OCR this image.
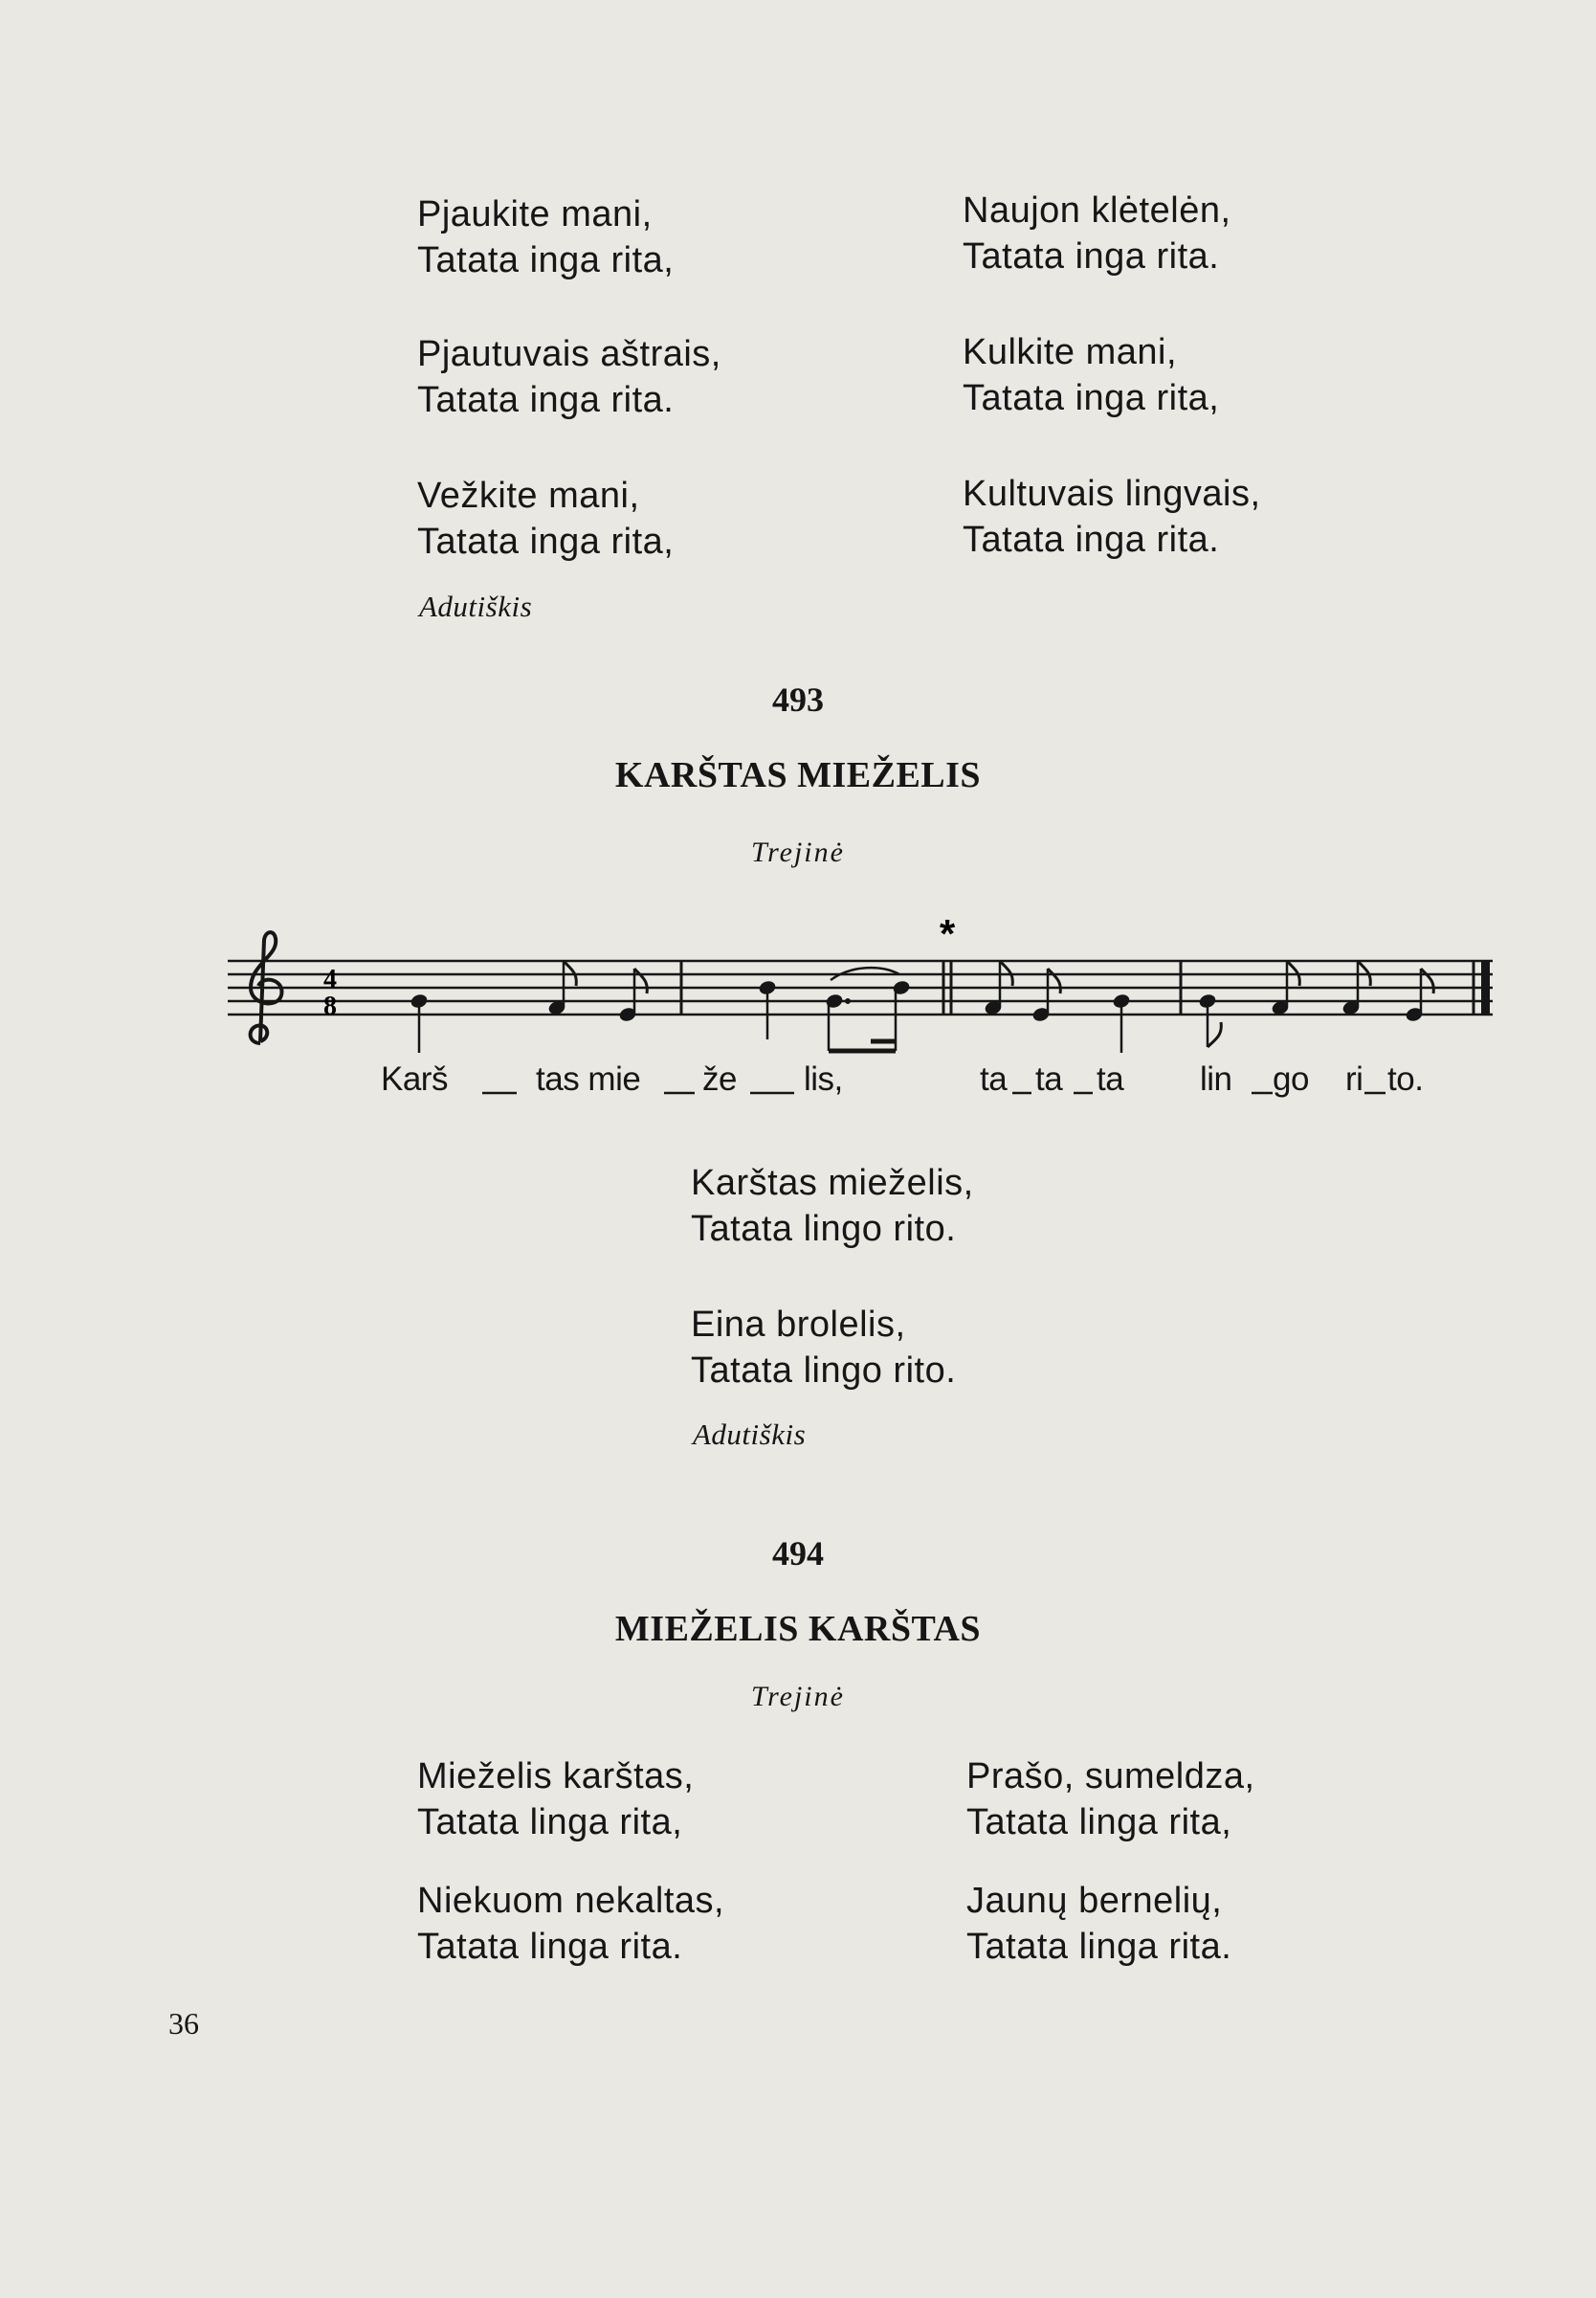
Pjaukite mani,
Tatata inga rita,
Pjautuvais aštrais,
Tatata inga rita.
Vežkite mani,
Tatata inga rita,
Naujon klėtelėn,
Tatata inga rita.
Kulkite mani,
Tatata inga rita,
Kultuvais lingvais,
Tatata inga rita.
Adutiškis
493
KARŠTAS MIEŽELIS
Trejinė
4
8
*
Karš	tas mie že lis,	ta ta ta lin go ri to.
Karštas mieželis,
Tatata lingo rito.
Eina brolelis,
Tatata lingo rito.
Adutiškis
494
MIEŽELIS KARŠTAS
Trejinė
Mieželis karštas,
Tatata linga rita,
Niekuom nekaltas,
Tatata linga rita.
Prašo, sumeldza,
Tatata linga rita,
Jaunų bernelių,
Tatata linga rita.
36
